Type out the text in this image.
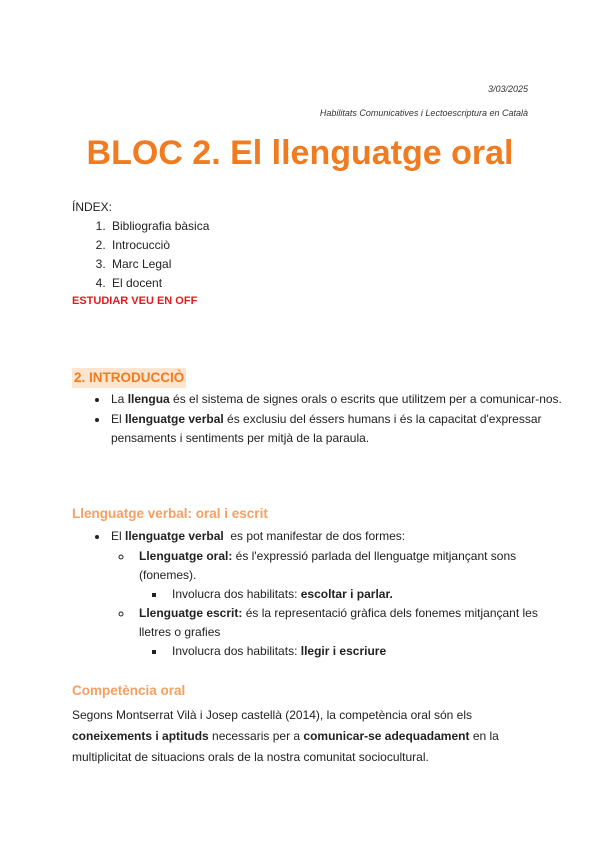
3/03/2025
Habilitats Comunicatives i Lectoescriptura en Català
BLOC 2. El llenguatge oral
ÍNDEX:
1. Bibliografia bàsica
2. Introcucciò
3. Marc Legal
4. El docent
ESTUDIAR VEU EN OFF
2. INTRODUCCIÒ
• La llengua és el sistema de signes orals o escrits que utilitzem per a comunicar-nos.
• El llenguatge verbal és exclusiu del éssers humans i és la capacitat d'expressar pensaments i sentiments per mitjà de la paraula.
Llenguatge verbal: oral i escrit
• El llenguatge verbal  es pot manifestar de dos formes:
◦ Llenguatge oral: és l'expressió parlada del llenguatge mitjançant sons (fonemes).
▪ Involucra dos habilitats: escoltar i parlar.
◦ Llenguatge escrit: és la representació gràfica dels fonemes mitjançant les lletres o grafies
▪ Involucra dos habilitats: llegir i escriure
Competència oral
Segons Montserrat Vilà i Josep castellà (2014), la competència oral són els coneixements i aptituds necessaris per a comunicar-se adequadament en la multiplicitat de situacions orals de la nostra comunitat sociocultural.
